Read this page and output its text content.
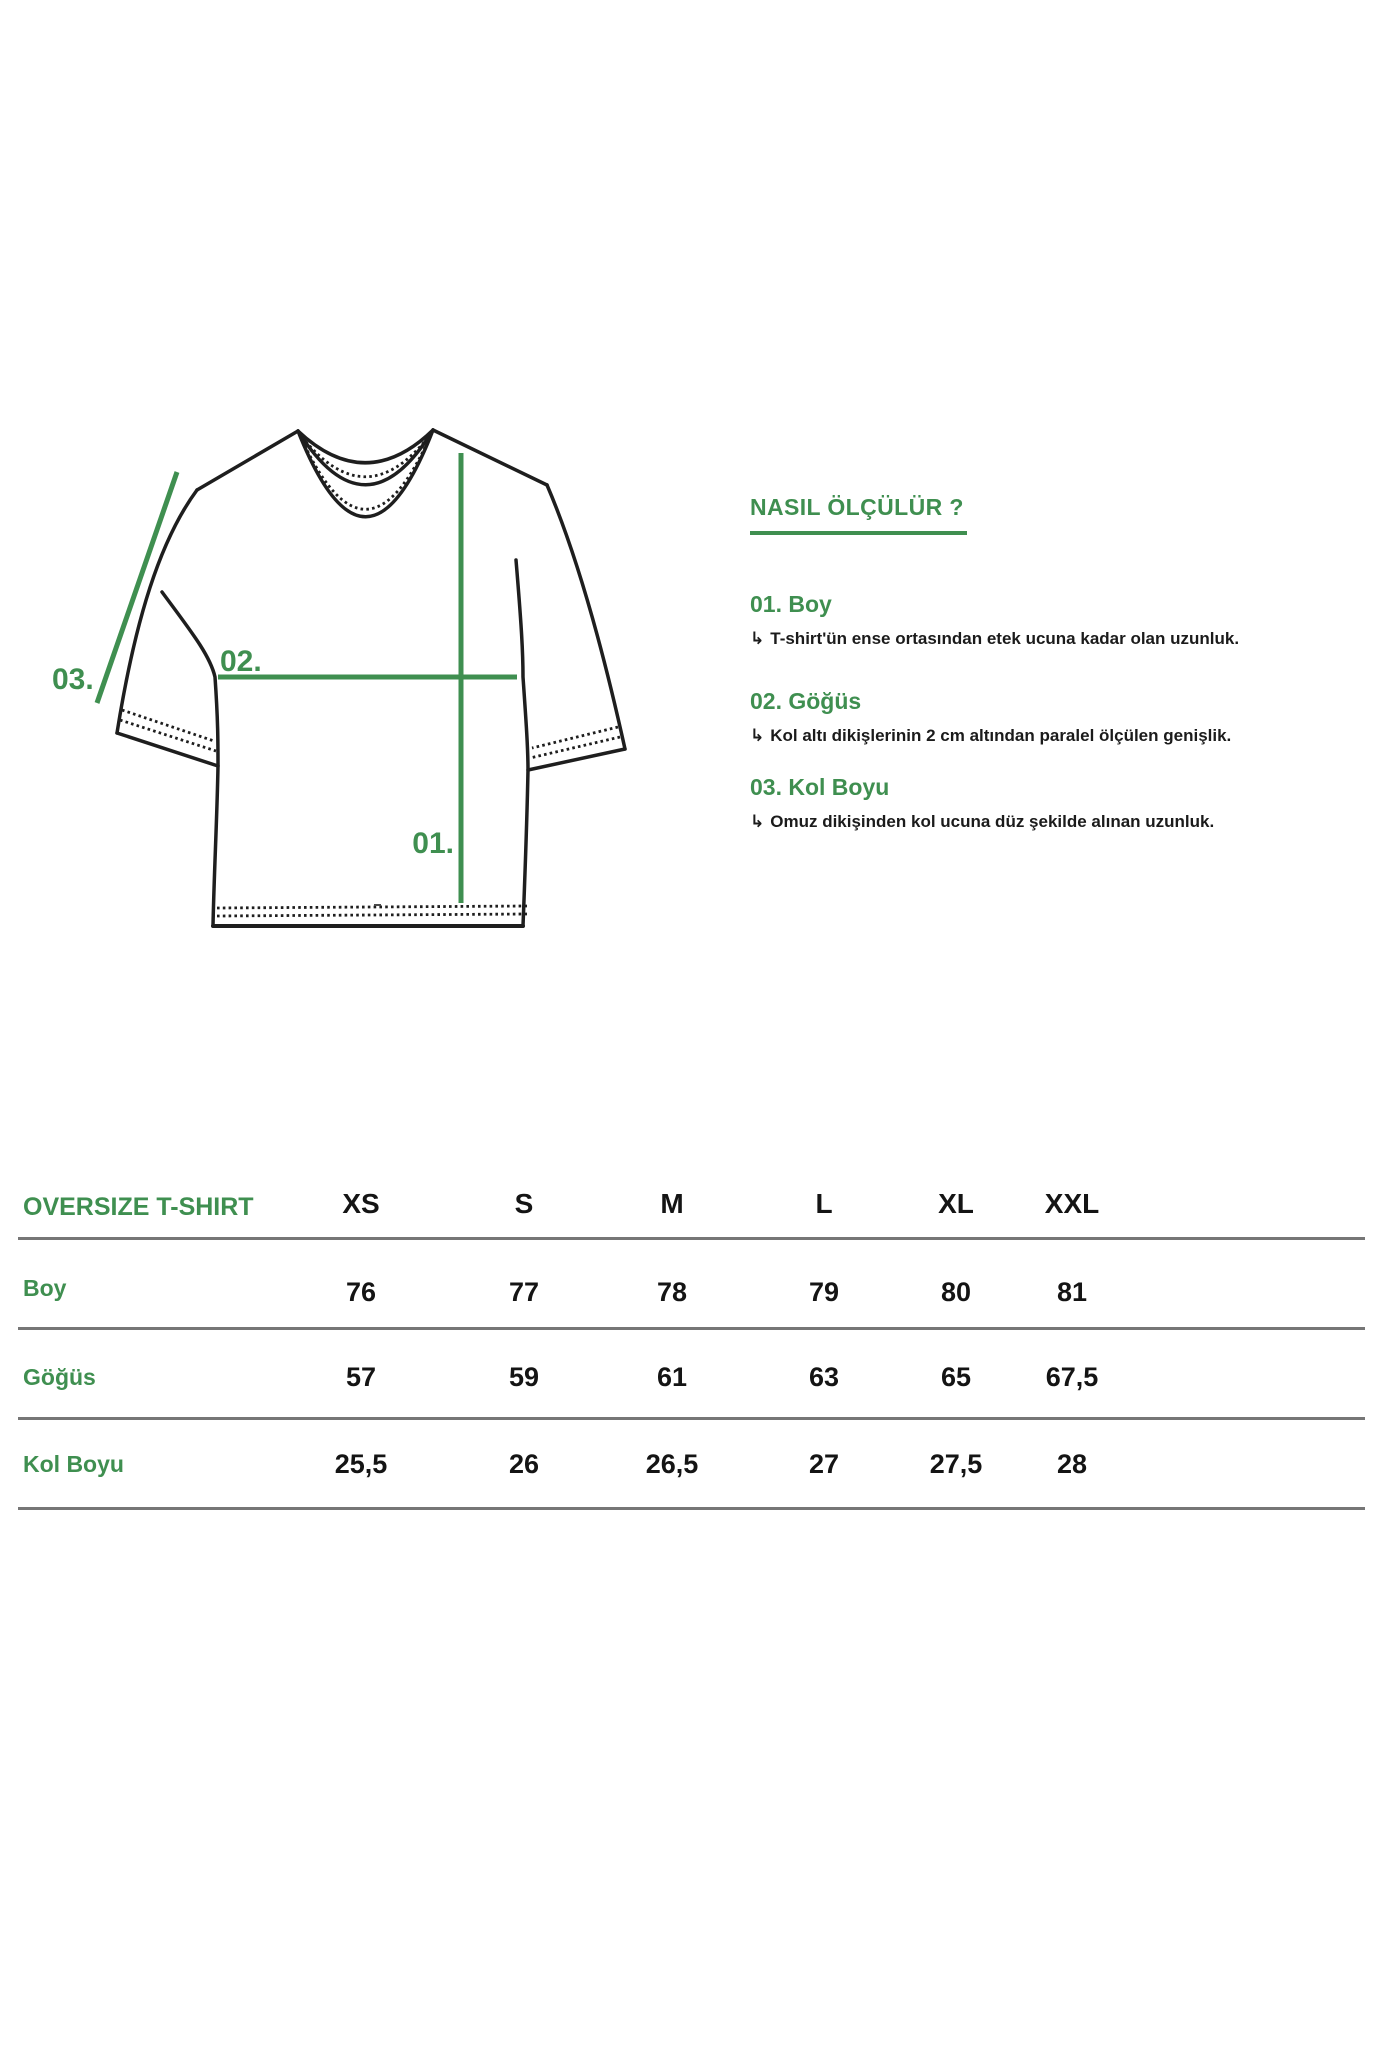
01.
02.
03.
NASIL ÖLÇÜLÜR ?
01. Boy

↳ T-shirt'ün ense ortasından etek ucuna kadar olan uzunluk.

02. Göğüs

↳ Kol altı dikişlerinin 2 cm altından paralel ölçülen genişlik.

03. Kol Boyu

↳ Omuz dikişinden kol ucuna düz şekilde alınan uzunluk.

OVERSIZE T-SHIRT	XS	S	M	L	XL	XXL
Boy	76	77	78	79	80	81
Göğüs	57	59	61	63	65	67,5
Kol Boyu	25,5	26	26,5	27	27,5	28
